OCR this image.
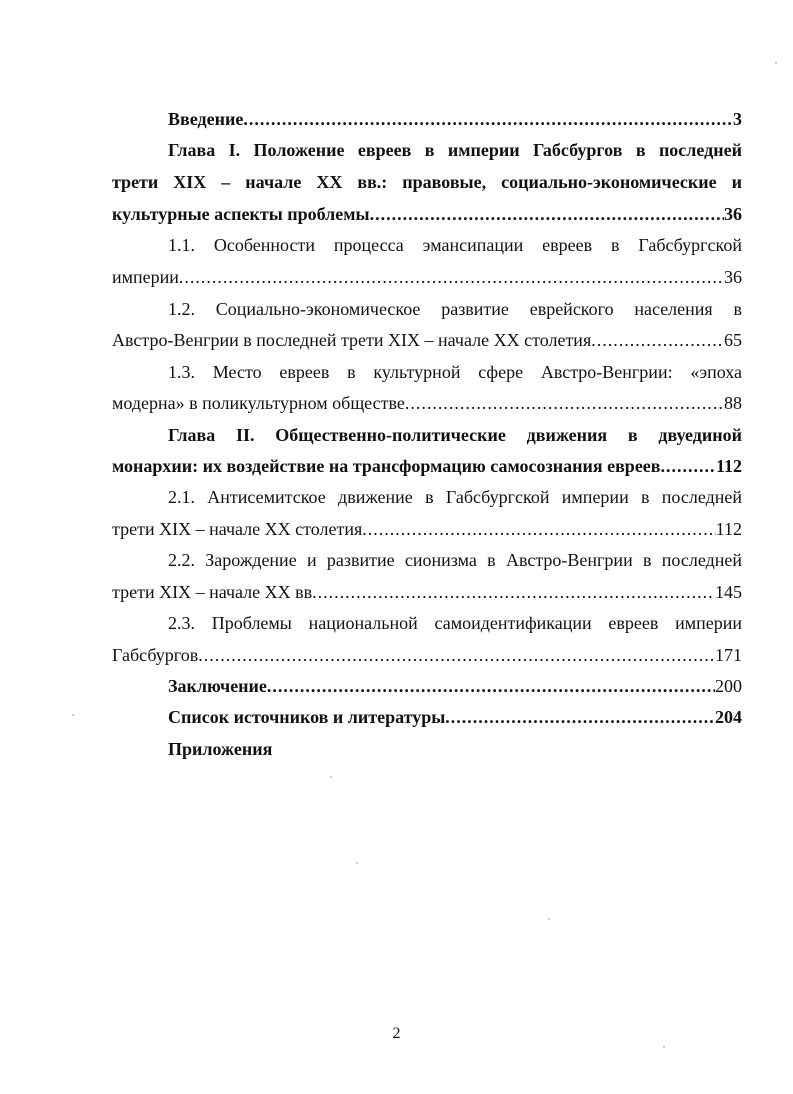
Введение .....	3
Глава I. Положение евреев в империи Габсбургов в последней
трети XIX – начале XX вв.: правовые, социально-экономические и
культурные аспекты проблемы .....	36
1.1. Особенности процесса эмансипации евреев в Габсбургской
империи .....	36
1.2. Социально-экономическое развитие еврейского населения в
Австро-Венгрии в последней трети XIX – начале XX столетия .....	65
1.3. Место евреев в культурной сфере Австро-Венгрии: «эпоха
модерна» в поликультурном обществе .....	88
Глава II. Общественно-политические движения в двуединой
монархии: их воздействие на трансформацию самосознания евреев .....	112
2.1. Антисемитское движение в Габсбургской империи в последней
трети XIX – начале XX столетия .....	112
2.2. Зарождение и развитие сионизма в Австро-Венгрии в последней
трети XIX – начале XX вв .....	145
2.3. Проблемы национальной самоидентификации евреев империи
Габсбургов .....	171
Заключение .....	200
Список источников и литературы .....	204
Приложения
2
